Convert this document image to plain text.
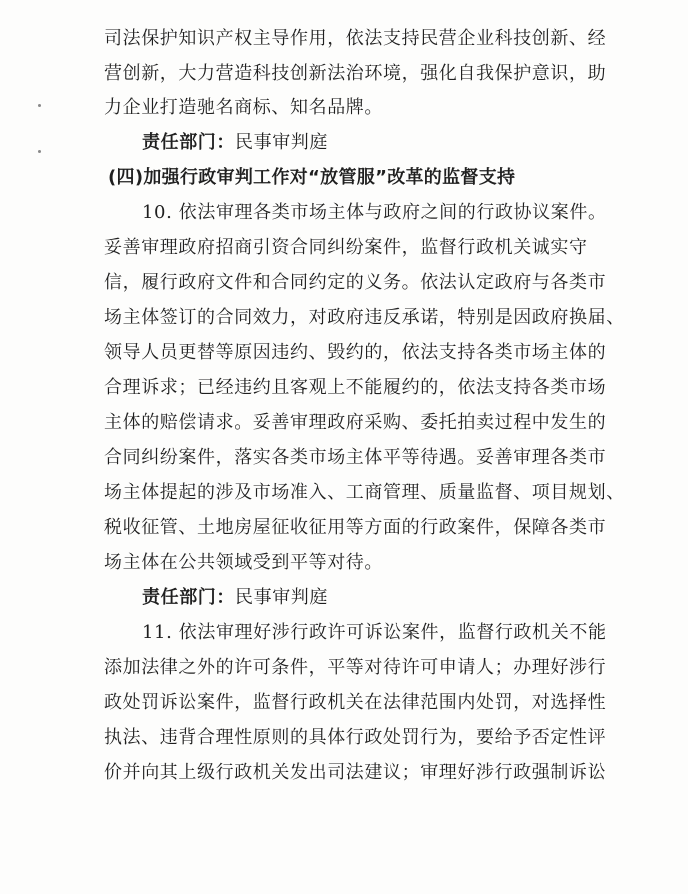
司法保护知识产权主导作用，依法支持民营企业科技创新、经
营创新，大力营造科技创新法治环境，强化自我保护意识，助
力企业打造驰名商标、知名品牌。
责任部门：民事审判庭
(四)加强行政审判工作对“放管服”改革的监督支持
10. 依法审理各类市场主体与政府之间的行政协议案件。
妥善审理政府招商引资合同纠纷案件，监督行政机关诚实守
信，履行政府文件和合同约定的义务。依法认定政府与各类市
场主体签订的合同效力，对政府违反承诺，特别是因政府换届、
领导人员更替等原因违约、毁约的，依法支持各类市场主体的
合理诉求；已经违约且客观上不能履约的，依法支持各类市场
主体的赔偿请求。妥善审理政府采购、委托拍卖过程中发生的
合同纠纷案件，落实各类市场主体平等待遇。妥善审理各类市
场主体提起的涉及市场准入、工商管理、质量监督、项目规划、
税收征管、土地房屋征收征用等方面的行政案件，保障各类市
场主体在公共领域受到平等对待。
责任部门：民事审判庭
11. 依法审理好涉行政许可诉讼案件，监督行政机关不能
添加法律之外的许可条件，平等对待许可申请人；办理好涉行
政处罚诉讼案件，监督行政机关在法律范围内处罚，对选择性
执法、违背合理性原则的具体行政处罚行为，要给予否定性评
价并向其上级行政机关发出司法建议；审理好涉行政强制诉讼
